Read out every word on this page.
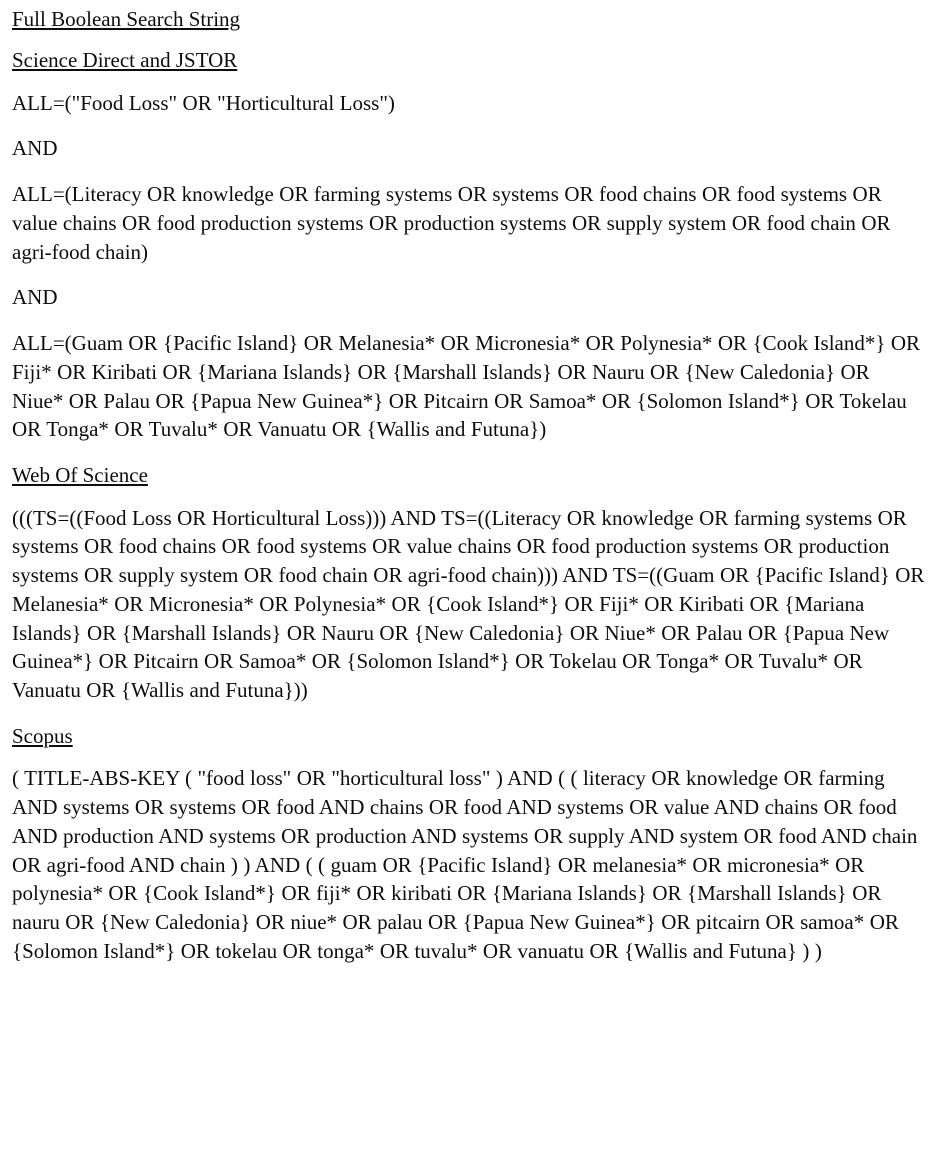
Full Boolean Search String
Science Direct and JSTOR

ALL=("Food Loss" OR "Horticultural Loss")

AND

ALL=(Literacy OR knowledge OR farming systems OR systems OR food chains OR food systems OR value chains OR food production systems OR production systems OR supply system OR food chain OR agri-food chain)

AND

ALL=(Guam OR {Pacific Island} OR Melanesia* OR Micronesia* OR Polynesia* OR {Cook Island*} OR Fiji* OR Kiribati OR {Mariana Islands} OR {Marshall Islands} OR Nauru OR {New Caledonia} OR Niue* OR Palau OR {Papua New Guinea*} OR Pitcairn OR Samoa* OR {Solomon Island*} OR Tokelau OR Tonga* OR Tuvalu* OR Vanuatu OR {Wallis and Futuna})

Web Of Science

(((TS=((Food Loss OR Horticultural Loss))) AND TS=((Literacy OR knowledge OR farming systems OR systems OR food chains OR food systems OR value chains OR food production systems OR production systems OR supply system OR food chain OR agri-food chain))) AND TS=((Guam OR {Pacific Island} OR Melanesia* OR Micronesia* OR Polynesia* OR {Cook Island*} OR Fiji* OR Kiribati OR {Mariana Islands} OR {Marshall Islands} OR Nauru OR {New Caledonia} OR Niue* OR Palau OR {Papua New Guinea*} OR Pitcairn OR Samoa* OR {Solomon Island*} OR Tokelau OR Tonga* OR Tuvalu* OR Vanuatu OR {Wallis and Futuna}))

Scopus

( TITLE-ABS-KEY ( "food loss" OR "horticultural loss" ) AND ( ( literacy OR knowledge OR farming AND systems OR systems OR food AND chains OR food AND systems OR value AND chains OR food AND production AND systems OR production AND systems OR supply AND system OR food AND chain OR agri-food AND chain ) ) AND ( ( guam OR {Pacific Island} OR melanesia* OR micronesia* OR polynesia* OR {Cook Island*} OR fiji* OR kiribati OR {Mariana Islands} OR {Marshall Islands} OR nauru OR {New Caledonia} OR niue* OR palau OR {Papua New Guinea*} OR pitcairn OR samoa* OR {Solomon Island*} OR tokelau OR tonga* OR tuvalu* OR vanuatu OR {Wallis and Futuna} ) )
